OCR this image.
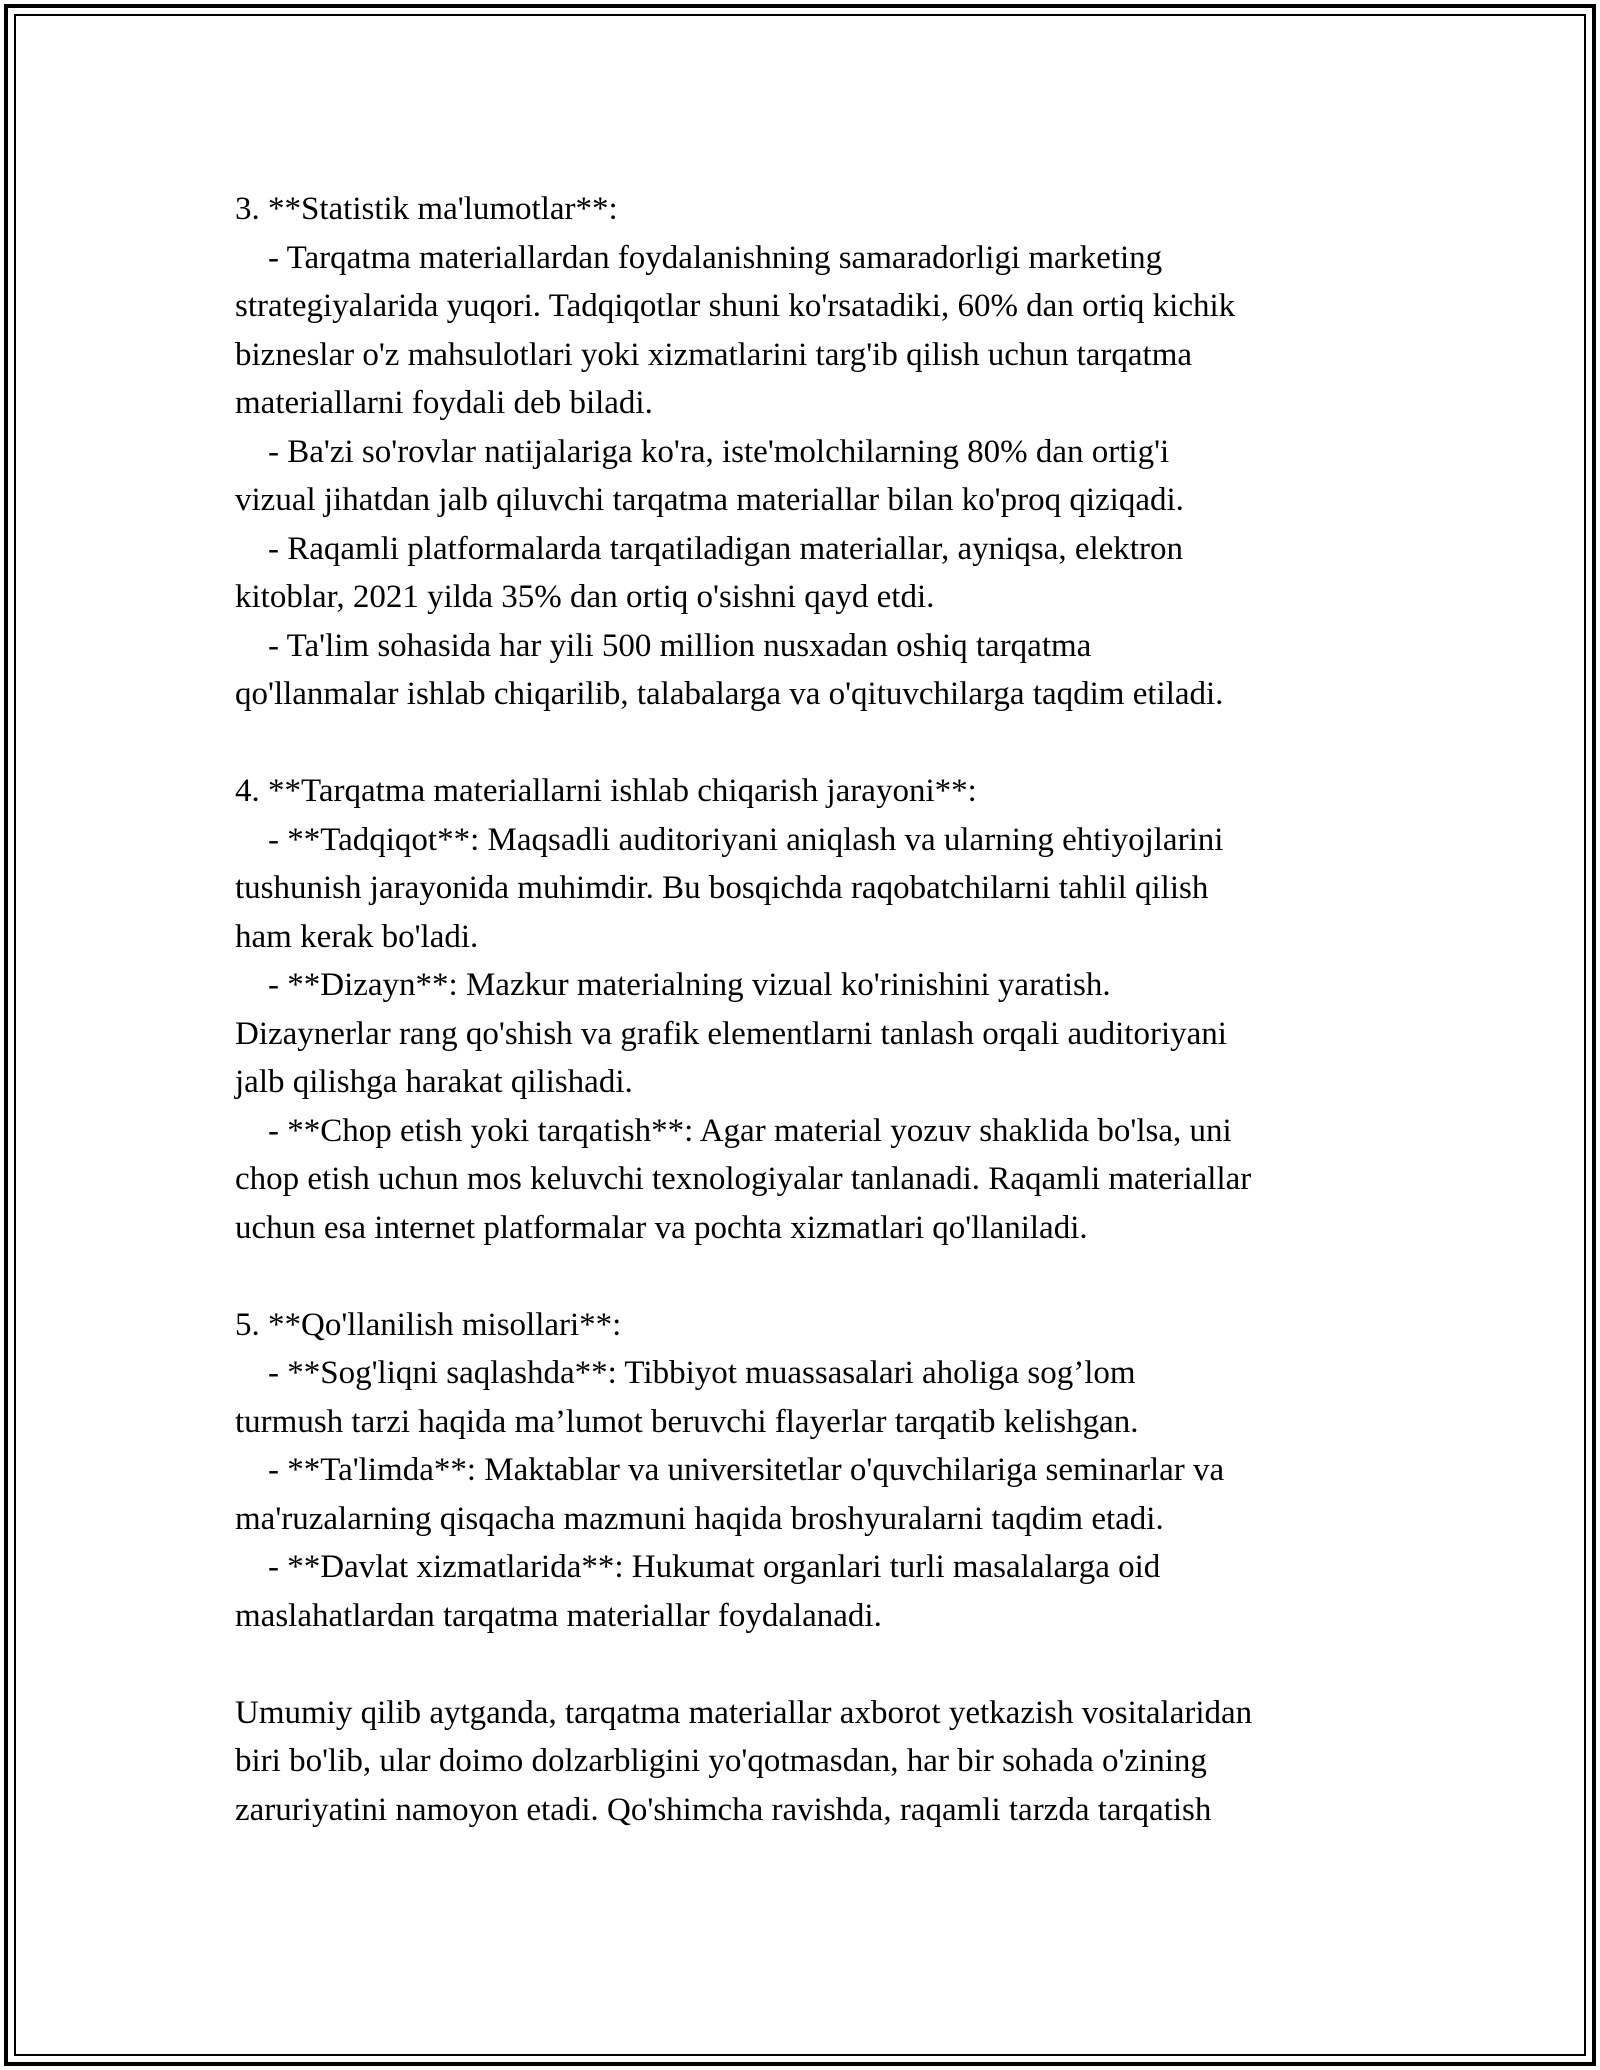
3. **Statistik ma'lumotlar**:
- Tarqatma materiallardan foydalanishning samaradorligi marketing
strategiyalarida yuqori. Tadqiqotlar shuni ko'rsatadiki, 60% dan ortiq kichik
bizneslar o'z mahsulotlari yoki xizmatlarini targ'ib qilish uchun tarqatma
materiallarni foydali deb biladi.
- Ba'zi so'rovlar natijalariga ko'ra, iste'molchilarning 80% dan ortig'i
vizual jihatdan jalb qiluvchi tarqatma materiallar bilan ko'proq qiziqadi.
- Raqamli platformalarda tarqatiladigan materiallar, ayniqsa, elektron
kitoblar, 2021 yilda 35% dan ortiq o'sishni qayd etdi.
- Ta'lim sohasida har yili 500 million nusxadan oshiq tarqatma
qo'llanmalar ishlab chiqarilib, talabalarga va o'qituvchilarga taqdim etiladi.
4. **Tarqatma materiallarni ishlab chiqarish jarayoni**:
- **Tadqiqot**: Maqsadli auditoriyani aniqlash va ularning ehtiyojlarini
tushunish jarayonida muhimdir. Bu bosqichda raqobatchilarni tahlil qilish
ham kerak bo'ladi.
- **Dizayn**: Mazkur materialning vizual ko'rinishini yaratish.
Dizaynerlar rang qo'shish va grafik elementlarni tanlash orqali auditoriyani
jalb qilishga harakat qilishadi.
- **Chop etish yoki tarqatish**: Agar material yozuv shaklida bo'lsa, uni
chop etish uchun mos keluvchi texnologiyalar tanlanadi. Raqamli materiallar
uchun esa internet platformalar va pochta xizmatlari qo'llaniladi.
5. **Qo'llanilish misollari**:
- **Sog'liqni saqlashda**: Tibbiyot muassasalari aholiga sog’lom
turmush tarzi haqida ma’lumot beruvchi flayerlar tarqatib kelishgan.
- **Ta'limda**: Maktablar va universitetlar o'quvchilariga seminarlar va
ma'ruzalarning qisqacha mazmuni haqida broshyuralarni taqdim etadi.
- **Davlat xizmatlarida**: Hukumat organlari turli masalalarga oid
maslahatlardan tarqatma materiallar foydalanadi.
Umumiy qilib aytganda, tarqatma materiallar axborot yetkazish vositalaridan
biri bo'lib, ular doimo dolzarbligini yo'qotmasdan, har bir sohada o'zining
zaruriyatini namoyon etadi. Qo'shimcha ravishda, raqamli tarzda tarqatish
